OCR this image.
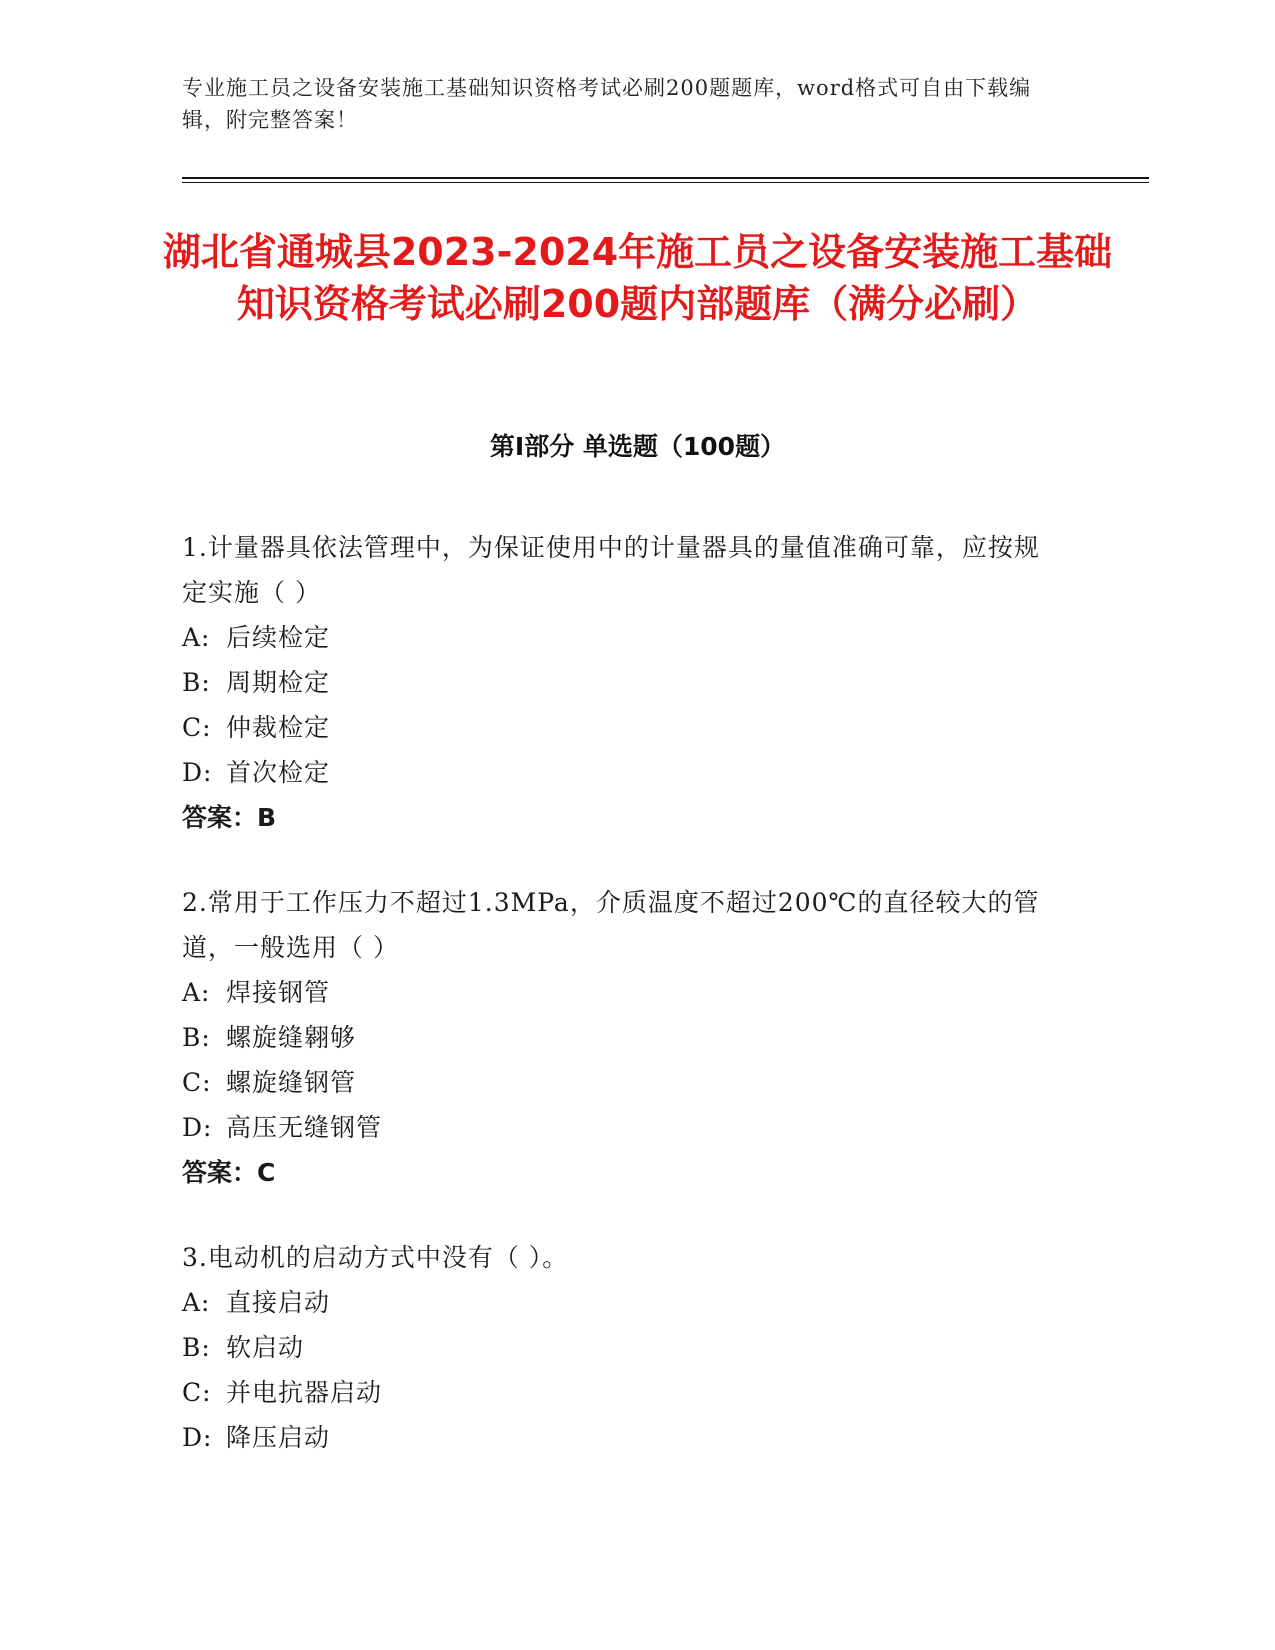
专业施工员之设备安装施工基础知识资格考试必刷200题题库，word格式可自由下载编辑，附完整答案！
湖北省通城县2023-2024年施工员之设备安装施工基础知识资格考试必刷200题内部题库（满分必刷）
第Ⅰ部分 单选题（100题）
1.计量器具依法管理中，为保证使用中的计量器具的量值准确可靠，应按规定实施（ ）
A: 后续检定
B: 周期检定
C: 仲裁检定
D: 首次检定
答案：B
2.常用于工作压力不超过1.3MPa，介质温度不超过200℃的直径较大的管道，一般选用（ ）
A: 焊接钢管
B: 螺旋缝翱够
C: 螺旋缝钢管
D: 高压无缝钢管
答案：C
3.电动机的启动方式中没有（ ）。
A: 直接启动
B: 软启动
C: 并电抗器启动
D: 降压启动
